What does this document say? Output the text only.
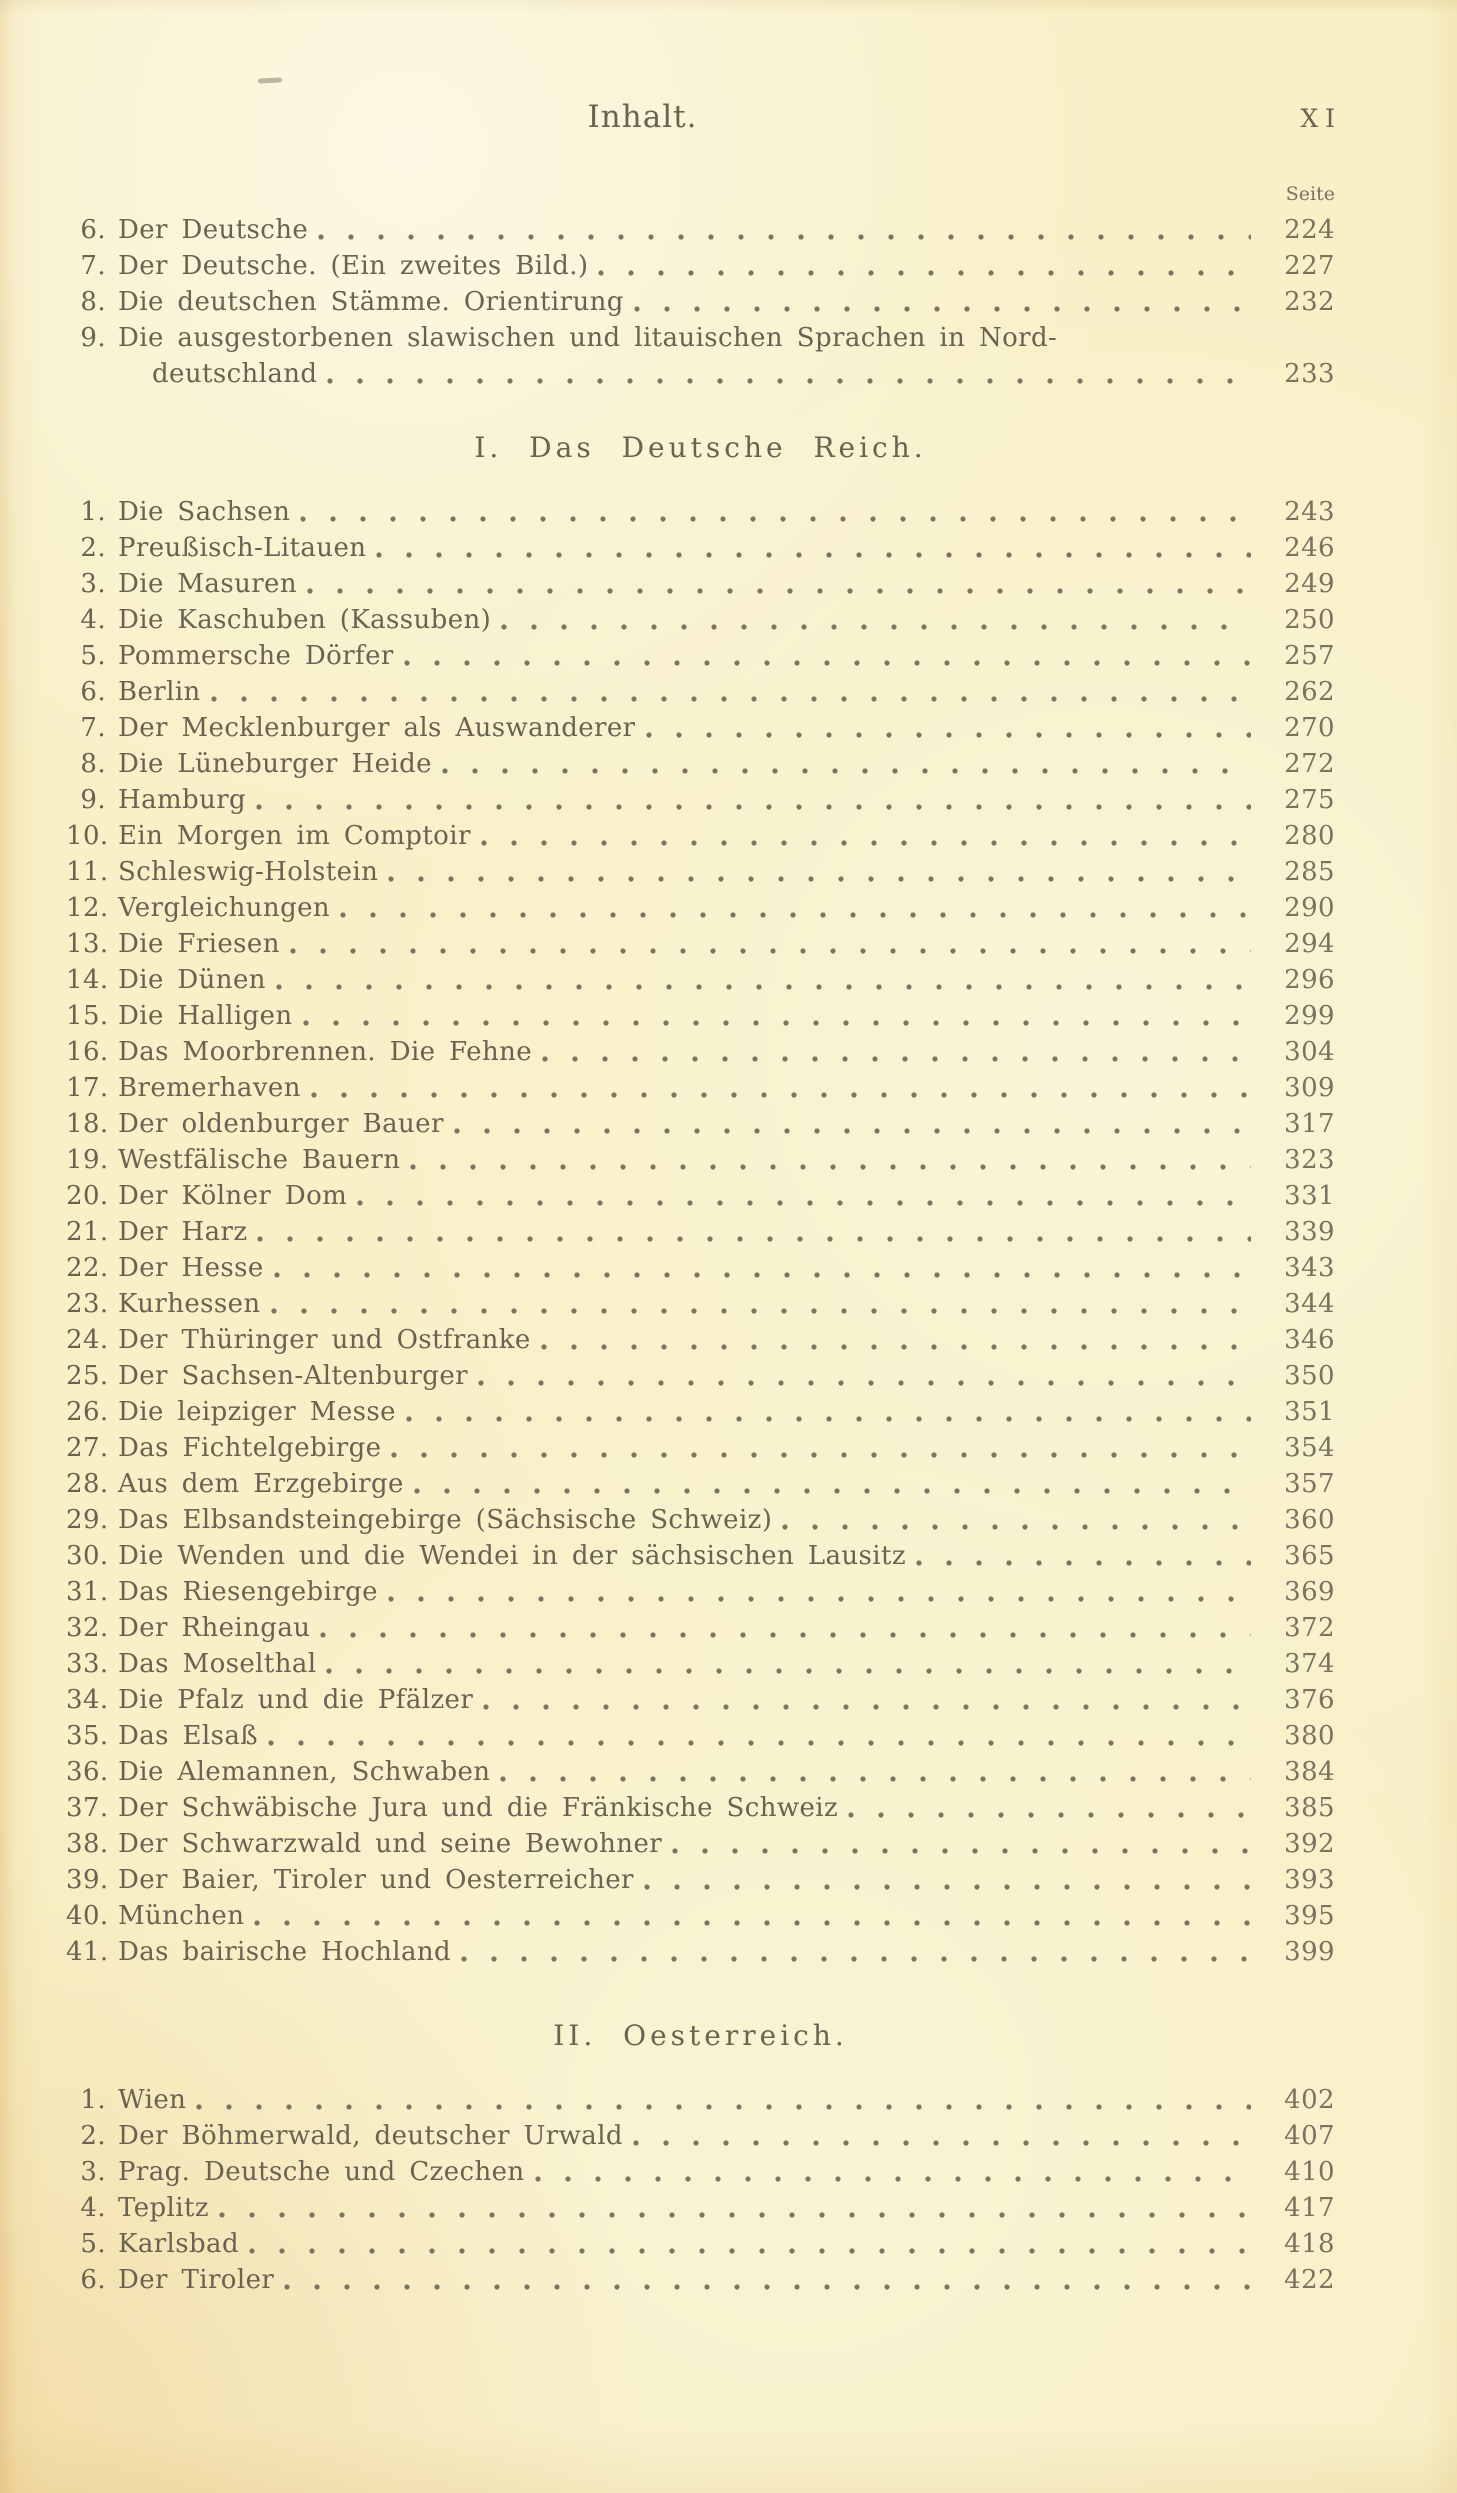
Inhalt.	XI
Seite
6. Der Deutsche	224
7. Der Deutsche. (Ein zweites Bild.)	227
8. Die deutschen Stämme. Orientirung	232
9. Die ausgestorbenen slawischen und litauischen Sprachen in Nord-
deutschland	233
I. Das Deutsche Reich.
1. Die Sachsen	243
2. Preußisch-Litauen	246
3. Die Masuren	249
4. Die Kaschuben (Kassuben)	250
5. Pommersche Dörfer	257
6. Berlin	262
7. Der Mecklenburger als Auswanderer	270
8. Die Lüneburger Heide	272
9. Hamburg	275
10. Ein Morgen im Comptoir	280
11. Schleswig-Holstein	285
12. Vergleichungen	290
13. Die Friesen	294
14. Die Dünen	296
15. Die Halligen	299
16. Das Moorbrennen. Die Fehne	304
17. Bremerhaven	309
18. Der oldenburger Bauer	317
19. Westfälische Bauern	323
20. Der Kölner Dom	331
21. Der Harz	339
22. Der Hesse	343
23. Kurhessen	344
24. Der Thüringer und Ostfranke	346
25. Der Sachsen-Altenburger	350
26. Die leipziger Messe	351
27. Das Fichtelgebirge	354
28. Aus dem Erzgebirge	357
29. Das Elbsandsteingebirge (Sächsische Schweiz)	360
30. Die Wenden und die Wendei in der sächsischen Lausitz	365
31. Das Riesengebirge	369
32. Der Rheingau	372
33. Das Moselthal	374
34. Die Pfalz und die Pfälzer	376
35. Das Elsaß	380
36. Die Alemannen, Schwaben	384
37. Der Schwäbische Jura und die Fränkische Schweiz	385
38. Der Schwarzwald und seine Bewohner	392
39. Der Baier, Tiroler und Oesterreicher	393
40. München	395
41. Das bairische Hochland	399
II. Oesterreich.
1. Wien	402
2. Der Böhmerwald, deutscher Urwald	407
3. Prag. Deutsche und Czechen	410
4. Teplitz	417
5. Karlsbad	418
6. Der Tiroler	422
